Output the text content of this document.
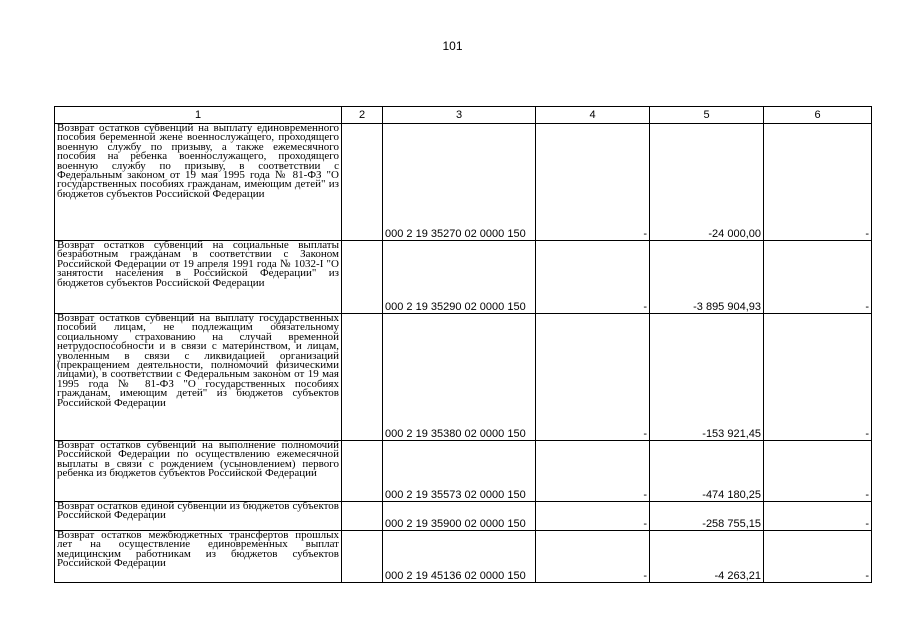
101
1	2	3	4	5	6
Возврат остатков субвенций на выплату единовременного пособия беременной жене военнослужащего, проходящего военную службу по призыву, а также ежемесячного пособия на ребенка военнослужащего, проходящего военную службу по призыву, в соответствии с Федеральным законом от 19 мая 1995 года № 81-ФЗ "О государственных пособиях гражданам, имеющим детей" из бюджетов субъектов Российской Федерации		000 2 19 35270 02 0000 150	-	-24 000,00	-
Возврат остатков субвенций на социальные выплаты безработным гражданам в соответствии с Законом Российской Федерации от 19 апреля 1991 года № 1032-I "О занятости населения в Российской Федерации" из бюджетов субъектов Российской Федерации		000 2 19 35290 02 0000 150	-	-3 895 904,93	-
Возврат остатков субвенций на выплату государственных пособий лицам, не подлежащим обязательному социальному страхованию на случай временной нетрудоспособности и в связи с материнством, и лицам, уволенным в связи с ликвидацией организаций (прекращением деятельности, полномочий физическими лицами), в соответствии с Федеральным законом от 19 мая 1995 года № 81-ФЗ "О государственных пособиях гражданам, имеющим детей" из бюджетов субъектов Российской Федерации		000 2 19 35380 02 0000 150	-	-153 921,45	-
Возврат остатков субвенций на выполнение полномочий Российской Федерации по осуществлению ежемесячной выплаты в связи с рождением (усыновлением) первого ребенка из бюджетов субъектов Российской Федерации		000 2 19 35573 02 0000 150	-	-474 180,25	-
Возврат остатков единой субвенции из бюджетов субъектов Российской Федерации		000 2 19 35900 02 0000 150	-	-258 755,15	-
Возврат остатков межбюджетных трансфертов прошлых лет на осуществление единовременных выплат медицинским работникам из бюджетов субъектов Российской Федерации		000 2 19 45136 02 0000 150	-	-4 263,21	-
